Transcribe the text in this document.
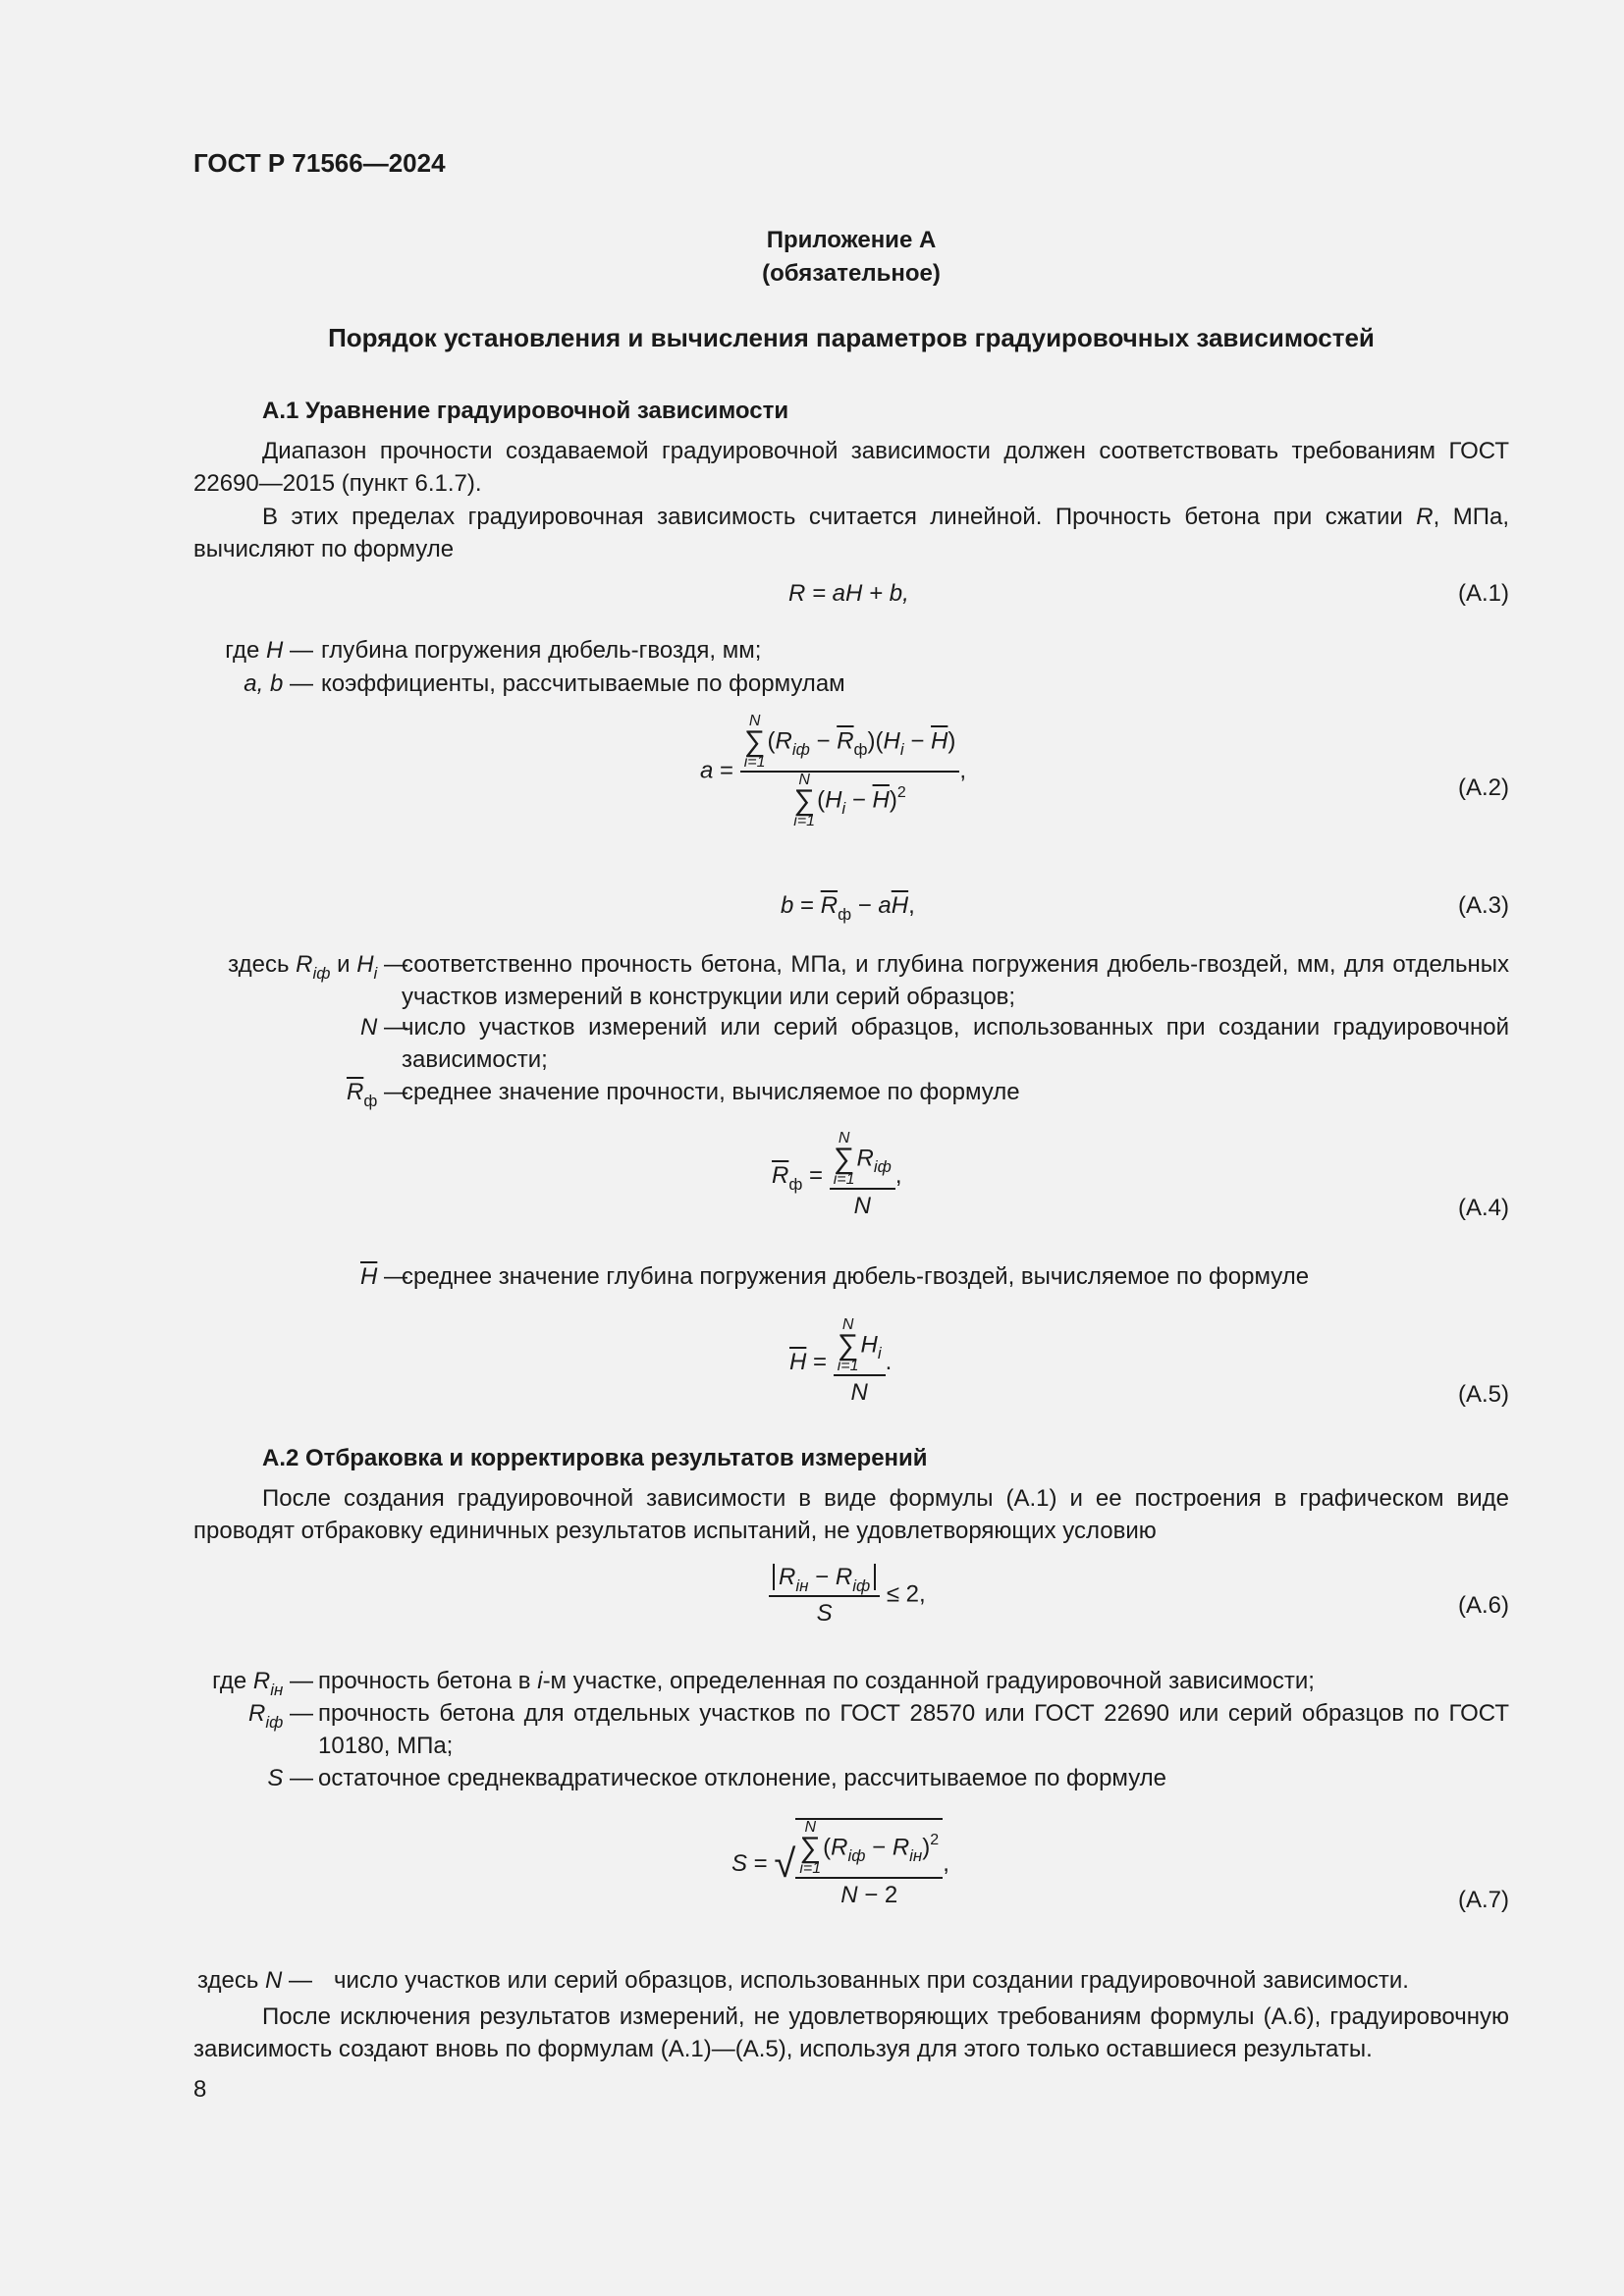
ГОСТ Р 71566—2024
Приложение А
(обязательное)
Порядок установления и вычисления параметров градуировочных зависимостей
А.1 Уравнение градуировочной зависимости
Диапазон прочности создаваемой градуировочной зависимости должен соответствовать требованиям ГОСТ 22690—2015 (пункт 6.1.7).
В этих пределах градуировочная зависимость считается линейной. Прочность бетона при сжатии R, МПа, вычисляют по формуле
R = aH + b,	(А.1)
где H — глубина погружения дюбель-гвоздя, мм;
a, b — коэффициенты, рассчитываемые по формулам
a = N
∑
i=1
$(R_{iф} - \overline{R}_ф)(H_i - \overline{H})$
N
∑
i=1
$(H_i - \overline{H})^2$ ,
(А.2)
$b = \overline{R}_ф - a\overline{H}$,	(А.3)
здесь $R_{iф}$ и $H_i$ —
соответственно прочность бетона, МПа, и глубина погружения дюбель-гвоздей, мм, для отдельных участков измерений в конструкции или серий образцов;
N —
число участков измерений или серий образцов, использованных при создании градуировочной зависимости;
$\overline{R}_ф$ —
среднее значение прочности, вычисляемое по формуле
$\overline{R}_ф = N$
∑
i=1
$R_{iф}$
N ,
(А.4)
$\overline{H}$ —
среднее значение глубина погружения дюбель-гвоздей, вычисляемое по формуле
$\overline{H} = N$
∑
i=1
$H_i$
N .
(А.5)
А.2 Отбраковка и корректировка результатов измерений
После создания градуировочной зависимости в виде формулы (А.1) и ее построения в графическом виде проводят отбраковку единичных результатов испытаний, не удовлетворяющих условию
$\frac{R_{iн} - R_{iф}}{S} \le 2$,	(А.6)
где $R_{iн}$ — прочность бетона в i-м участке, определенная по созданной градуировочной зависимости;
$R_{iф}$ — прочность бетона для отдельных участков по ГОСТ 28570 или ГОСТ 22690 или серий образцов по ГОСТ 10180, МПа;
S — остаточное среднеквадратическое отклонение, рассчитываемое по формуле
S = √ N
∑
i=1
$(R_{iф} - R_{iн})^2$
N − 2 ,
(А.7)
здесь N — число участков или серий образцов, использованных при создании градуировочной зависимости.
После исключения результатов измерений, не удовлетворяющих требованиям формулы (А.6), градуировочную зависимость создают вновь по формулам (А.1)—(А.5), используя для этого только оставшиеся результаты.
8
